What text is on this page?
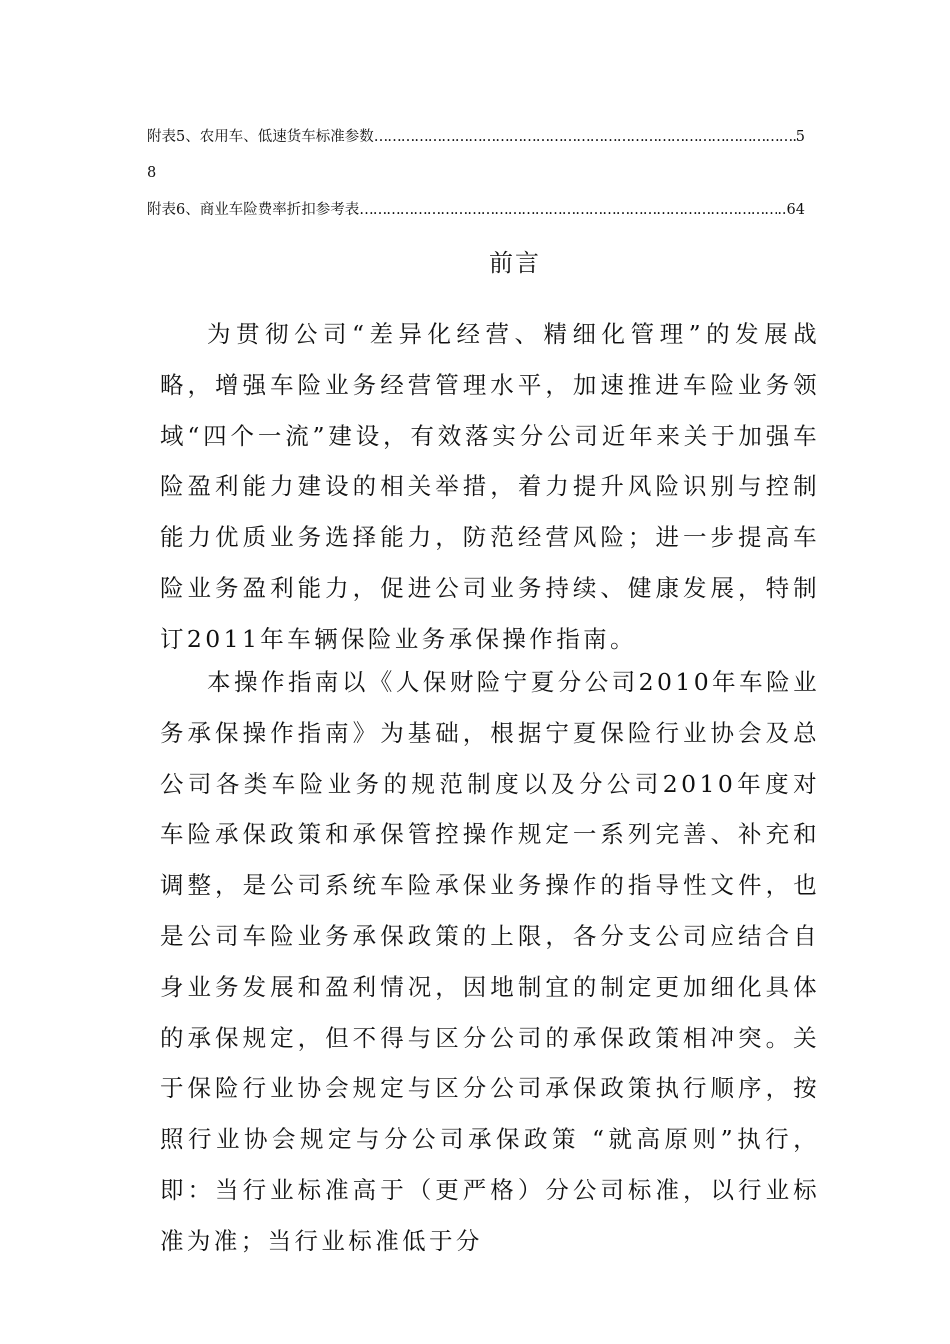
附表5、农用车、低速货车标准参数 ………………………………………………………………………………………………………………………………………………	5
8
附表6、商业车险费率折扣参考表 ………………………………………………………………………………………………………………………………………………	..64
前言

为贯彻公司“差异化经营、精细化管理”的发展战略，增强车险业务经营管理水平，加速推进车险业务领域“四个一流”建设，有效落实分公司近年来关于加强车险盈利能力建设的相关举措，着力提升风险识别与控制能力优质业务选择能力，防范经营风险；进一步提高车险业务盈利能力，促进公司业务持续、健康发展，特制订2011年车辆保险业务承保操作指南。

本操作指南以《人保财险宁夏分公司2010年车险业务承保操作指南》为基础，根据宁夏保险行业协会及总公司各类车险业务的规范制度以及分公司2010年度对车险承保政策和承保管控操作规定一系列完善、补充和调整，是公司系统车险承保业务操作的指导性文件，也是公司车险业务承保政策的上限，各分支公司应结合自身业务发展和盈利情况，因地制宜的制定更加细化具体的承保规定，但不得与区分公司的承保政策相冲突。关于保险行业协会规定与区分公司承保政策执行顺序，按照行业协会规定与分公司承保政策 “就高原则”执行，即：当行业标准高于（更严格）分公司标准，以行业标准为准；当行业标准低于分
